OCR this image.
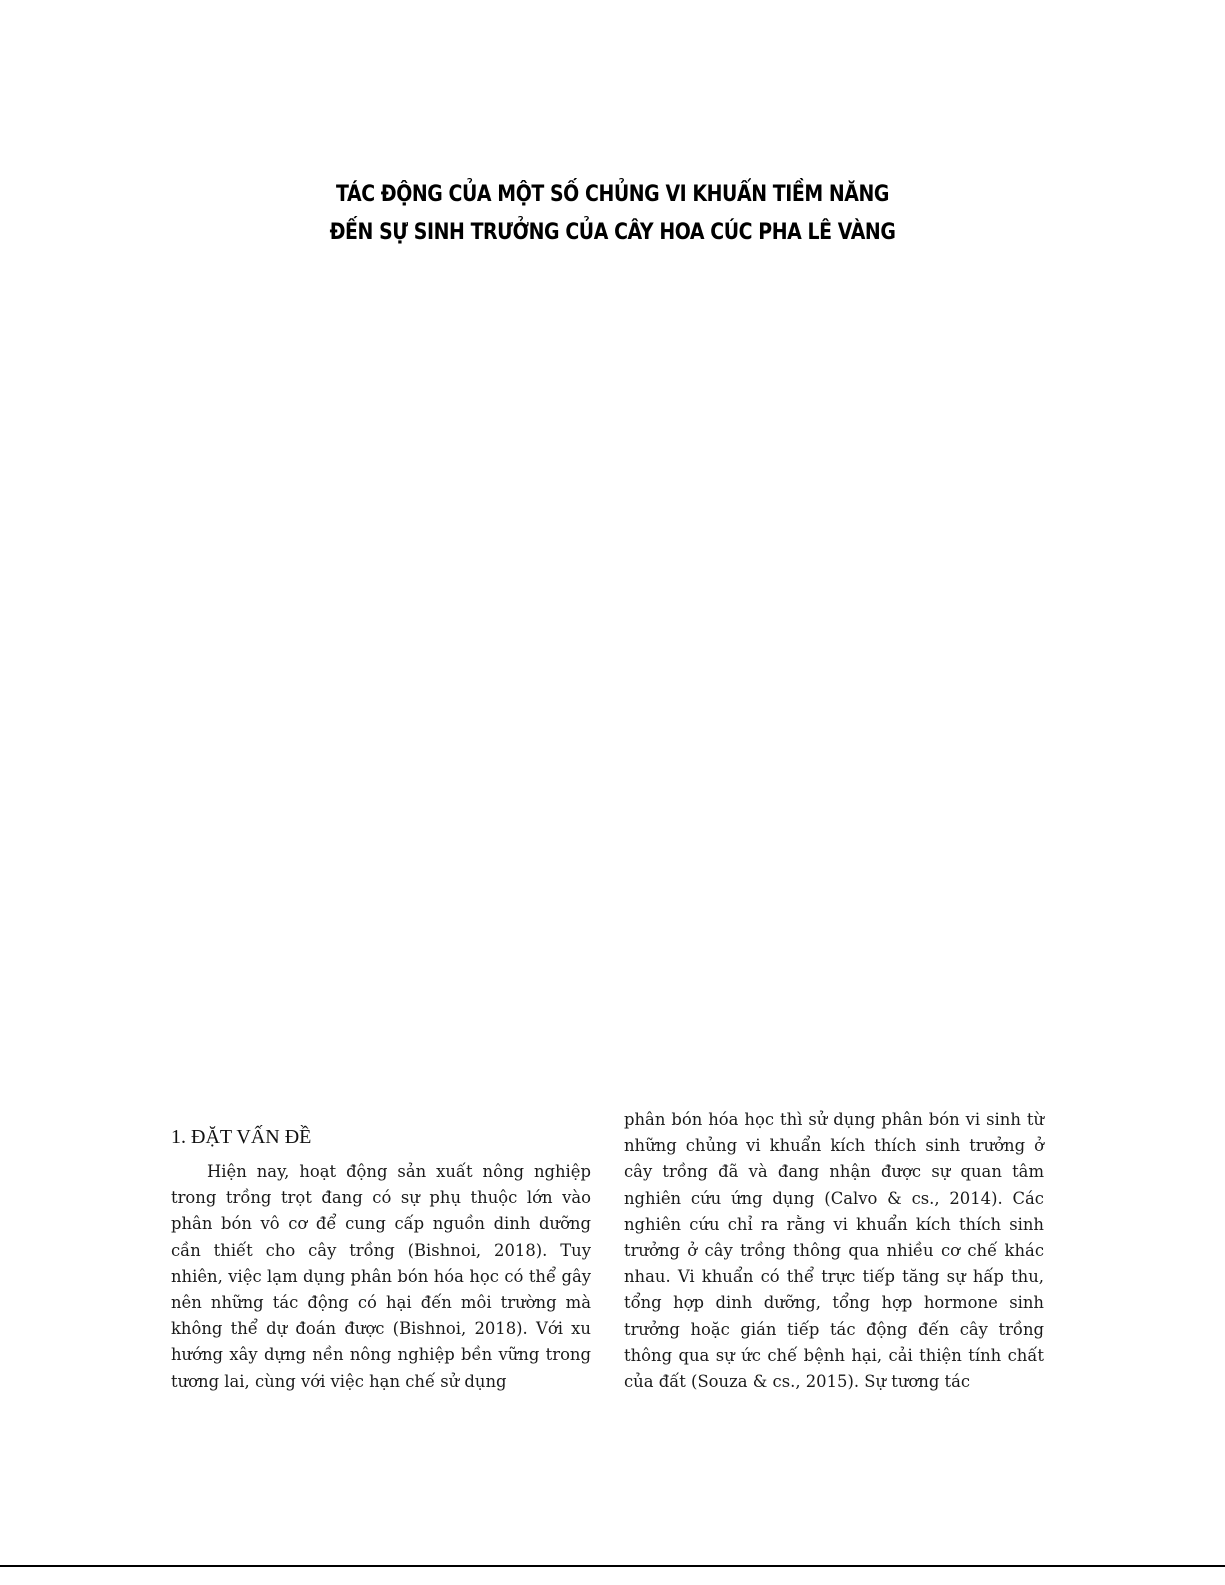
TÁC ĐỘNG CỦA MỘT SỐ CHỦNG VI KHUẨN TIỀM NĂNG
ĐẾN SỰ SINH TRƯỞNG CỦA CÂY HOA CÚC PHA LÊ VÀNG
1. ĐẶT VẤN ĐỀ

Hiện nay, hoạt động sản xuất nông nghiệp trong trồng trọt đang có sự phụ thuộc lớn vào phân bón vô cơ để cung cấp nguồn dinh dưỡng cần thiết cho cây trồng (Bishnoi, 2018). Tuy nhiên, việc lạm dụng phân bón hóa học có thể gây nên những tác động có hại đến môi trường mà không thể dự đoán được (Bishnoi, 2018). Với xu hướng xây dựng nền nông nghiệp bền vững trong tương lai, cùng với việc hạn chế sử dụng

phân bón hóa học thì sử dụng phân bón vi sinh từ những chủng vi khuẩn kích thích sinh trưởng ở cây trồng đã và đang nhận được sự quan tâm nghiên cứu ứng dụng (Calvo & cs., 2014). Các nghiên cứu chỉ ra rằng vi khuẩn kích thích sinh trưởng ở cây trồng thông qua nhiều cơ chế khác nhau. Vi khuẩn có thể trực tiếp tăng sự hấp thu, tổng hợp dinh dưỡng, tổng hợp hormone sinh trưởng hoặc gián tiếp tác động đến cây trồng thông qua sự ức chế bệnh hại, cải thiện tính chất của đất (Souza & cs., 2015). Sự tương tác
